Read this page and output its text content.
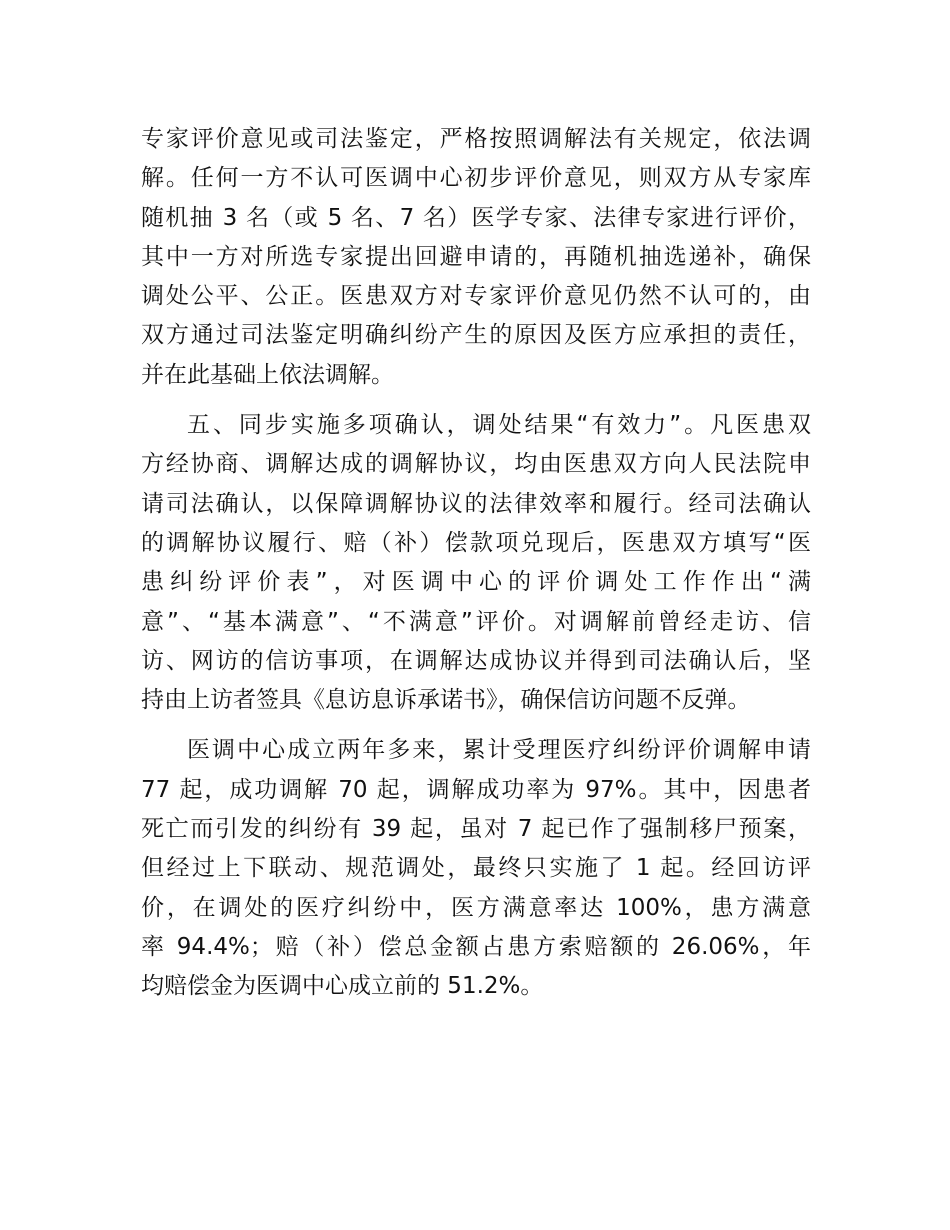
专家评价意见或司法鉴定，严格按照调解法有关规定，依法调
解。任何一方不认可医调中心初步评价意见，则双方从专家库
随机抽 3 名（或 5 名、7 名）医学专家、法律专家进行评价，
其中一方对所选专家提出回避申请的，再随机抽选递补，确保
调处公平、公正。医患双方对专家评价意见仍然不认可的，由
双方通过司法鉴定明确纠纷产生的原因及医方应承担的责任，
并在此基础上依法调解。

五、同步实施多项确认，调处结果“有效力”。凡医患双
方经协商、调解达成的调解协议，均由医患双方向人民法院申
请司法确认，以保障调解协议的法律效率和履行。经司法确认
的调解协议履行、赔（补）偿款项兑现后，医患双方填写“医
患纠纷评价表”，对医调中心的评价调处工作作出“满
意”、“基本满意”、“不满意”评价。对调解前曾经走访、信
访、网访的信访事项，在调解达成协议并得到司法确认后，坚
持由上访者签具《息访息诉承诺书》，确保信访问题不反弹。

医调中心成立两年多来，累计受理医疗纠纷评价调解申请
77 起，成功调解 70 起，调解成功率为 97%。其中，因患者
死亡而引发的纠纷有 39 起，虽对 7 起已作了强制移尸预案，
但经过上下联动、规范调处，最终只实施了 1 起。经回访评
价，在调处的医疗纠纷中，医方满意率达 100%，患方满意
率 94.4%；赔（补）偿总金额占患方索赔额的 26.06%，年
均赔偿金为医调中心成立前的 51.2%。
